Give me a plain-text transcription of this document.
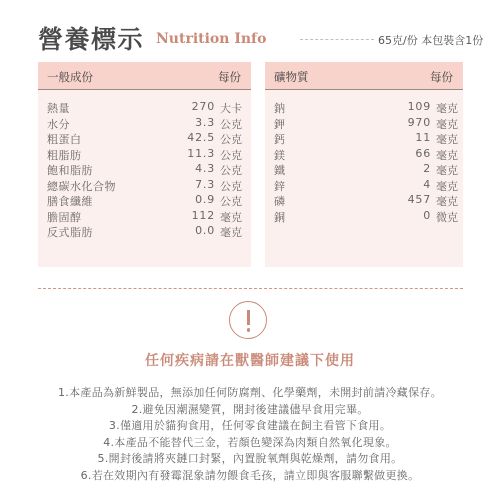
營養標示 Nutrition Info	65克/份 本包裝含1份
一般成份	每份
熱量	270 大卡
水分	3.3 公克
粗蛋白	42.5 公克
粗脂肪	11.3 公克
飽和脂肪	4.3 公克
總碳水化合物	7.3 公克
膳食纖維	0.9 公克
膽固醇	112 毫克
反式脂肪	0.0 毫克
礦物質	每份
鈉	109 毫克
鉀	970 毫克
鈣	11 毫克
鎂	66 毫克
鐵	2 毫克
鋅	4 毫克
磷	457 毫克
銅	0 微克
任何疾病請在獸醫師建議下使用
1.本產品為新鮮製品，無添加任何防腐劑、化學藥劑，未開封前請冷藏保存。
2.避免因潮濕變質，開封後建議儘早食用完畢。
3.僅適用於貓狗食用，任何零食建議在飼主看管下食用。
4.本產品不能替代三金，若顏色變深為肉類自然氧化現象。
5.開封後請將夾鏈口封緊，內置脫氧劑與乾燥劑，請勿食用。
6.若在效期內有發霉混象請勿餵食毛孩，請立即與客服聯繫做更換。
